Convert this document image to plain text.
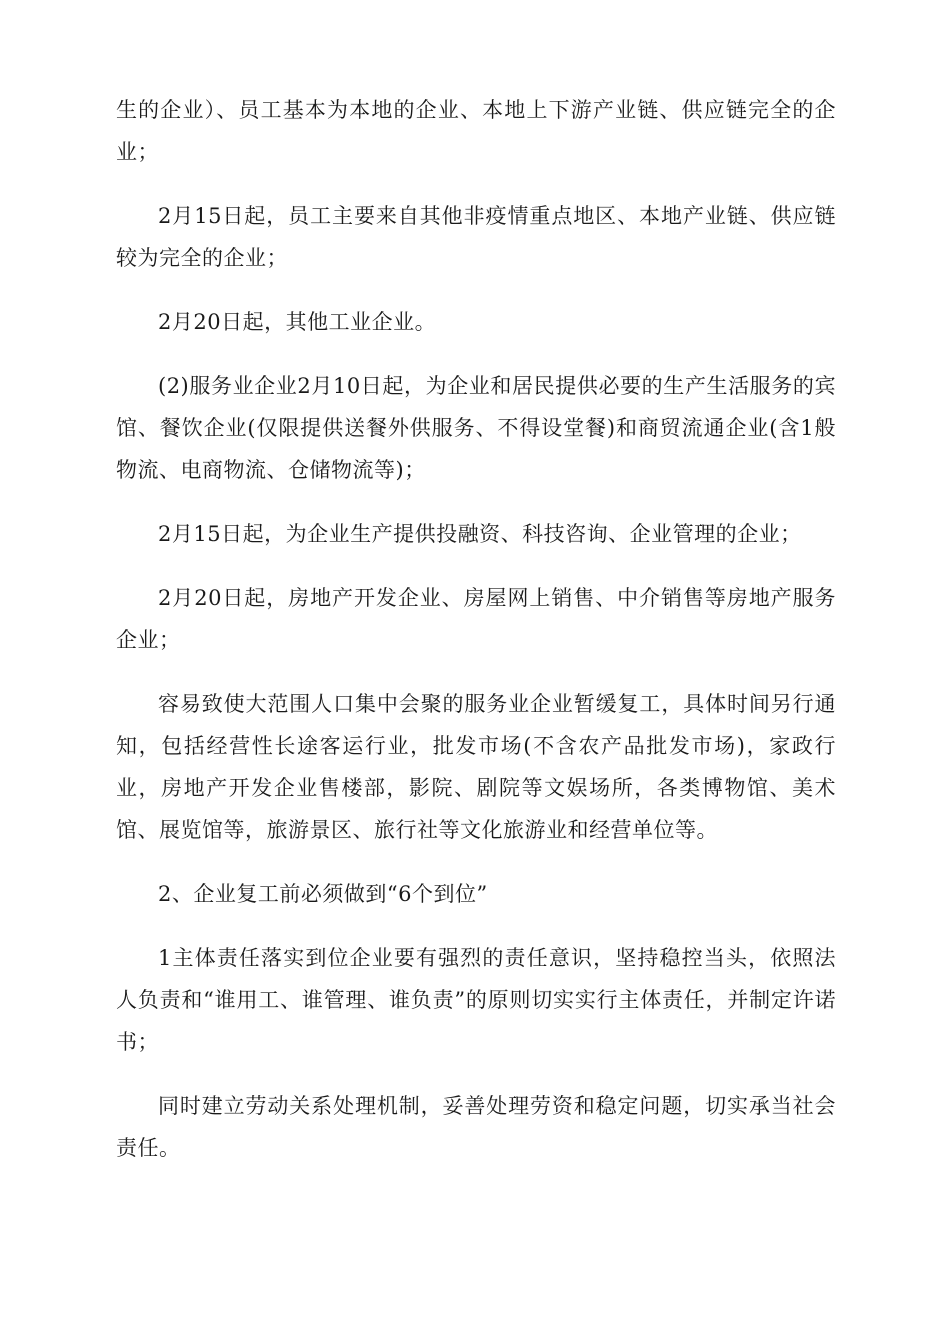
生的企业）、员工基本为本地的企业、本地上下游产业链、供应链完全的企业；

2月15日起，员工主要来自其他非疫情重点地区、本地产业链、供应链较为完全的企业；

2月20日起，其他工业企业。

(2)服务业企业2月10日起，为企业和居民提供必要的生产生活服务的宾馆、餐饮企业(仅限提供送餐外供服务、不得设堂餐)和商贸流通企业(含1般物流、电商物流、仓储物流等)；

2月15日起，为企业生产提供投融资、科技咨询、企业管理的企业；

2月20日起，房地产开发企业、房屋网上销售、中介销售等房地产服务企业；

容易致使大范围人口集中会聚的服务业企业暂缓复工，具体时间另行通知，包括经营性长途客运行业，批发市场(不含农产品批发市场)，家政行业，房地产开发企业售楼部，影院、剧院等文娱场所，各类博物馆、美术馆、展览馆等，旅游景区、旅行社等文化旅游业和经营单位等。

2、企业复工前必须做到“6个到位”

1主体责任落实到位企业要有强烈的责任意识，坚持稳控当头，依照法人负责和“谁用工、谁管理、谁负责”的原则切实实行主体责任，并制定许诺书；

同时建立劳动关系处理机制，妥善处理劳资和稳定问题，切实承当社会责任。
